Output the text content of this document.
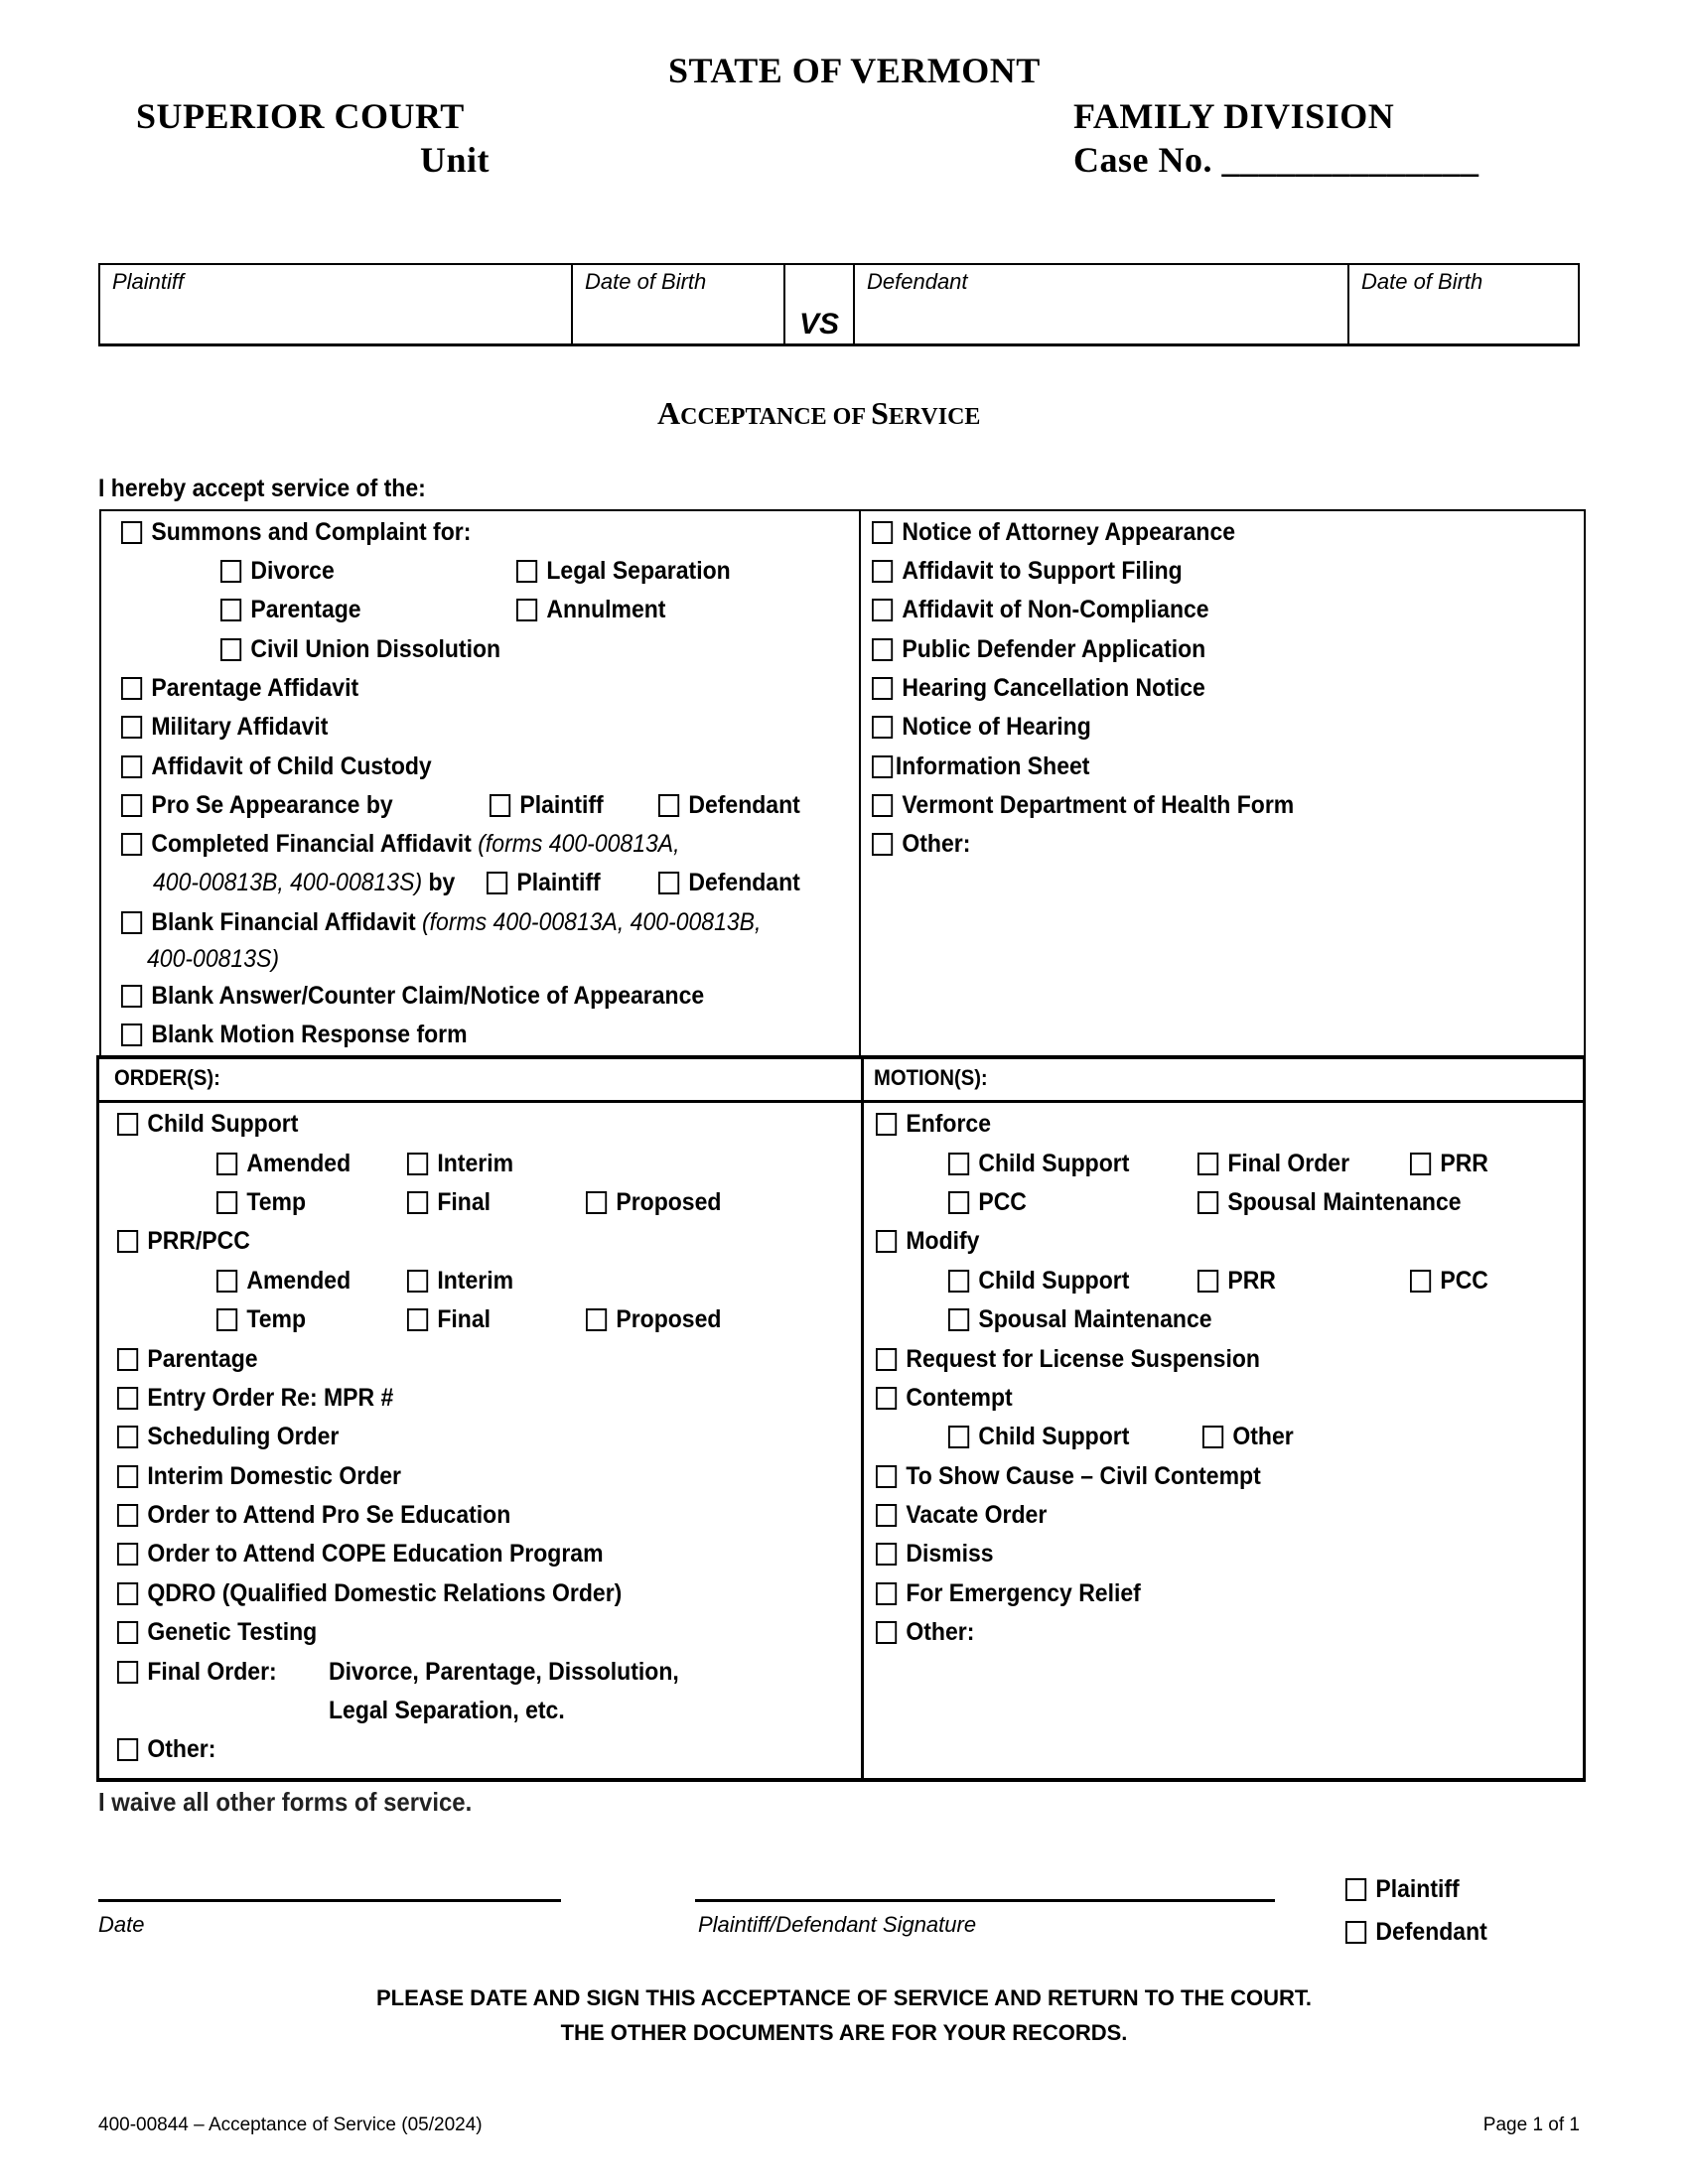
STATE OF VERMONT
SUPERIOR COURT
Unit
FAMILY DIVISION
Case No. ______________
Plaintiff	Date of Birth	VS	Defendant	Date of Birth
ACCEPTANCE OF SERVICE
I hereby accept service of the:
Summons and Complaint for:
Divorce	Legal Separation
Parentage	Annulment
Civil Union Dissolution
Parentage Affidavit
Military Affidavit
Affidavit of Child Custody
Pro Se Appearance by	Plaintiff	Defendant
Completed Financial Affidavit
(forms 400-00813A,
400-00813B, 400-00813S)
by Plaintiff	Defendant
Blank Financial Affidavit
(forms 400-00813A, 400-00813B,
400-00813S)
Blank Answer/Counter Claim/Notice of Appearance
Blank Motion Response form
Notice of Attorney Appearance
Affidavit to Support Filing
Affidavit of Non-Compliance
Public Defender Application
Hearing Cancellation Notice
Notice of Hearing
Information Sheet
Vermont Department of Health Form
Other:
ORDER(S):	MOTION(S):
Child Support
Amended	Interim
Temp	Final	Proposed
PRR/PCC
Amended	Interim
Temp	Final	Proposed
Parentage
Entry Order Re: MPR #
Scheduling Order
Interim Domestic Order
Order to Attend Pro Se Education
Order to Attend COPE Education Program
QDRO (Qualified Domestic Relations Order)
Genetic Testing
Final Order: Divorce, Parentage, Dissolution,
Legal Separation, etc.
Other:
Enforce
Child Support	Final Order	PRR
PCC	Spousal Maintenance
Modify
Child Support	PRR	PCC
Spousal Maintenance
Request for License Suspension
Contempt
Child Support	Other
To Show Cause – Civil Contempt
Vacate Order
Dismiss
For Emergency Relief
Other:
I waive all other forms of service.
Date	Plaintiff/Defendant Signature
Plaintiff
Defendant
PLEASE DATE AND SIGN THIS ACCEPTANCE OF SERVICE AND RETURN TO THE COURT.
THE OTHER DOCUMENTS ARE FOR YOUR RECORDS.
400-00844 – Acceptance of Service (05/2024)	Page 1 of 1
